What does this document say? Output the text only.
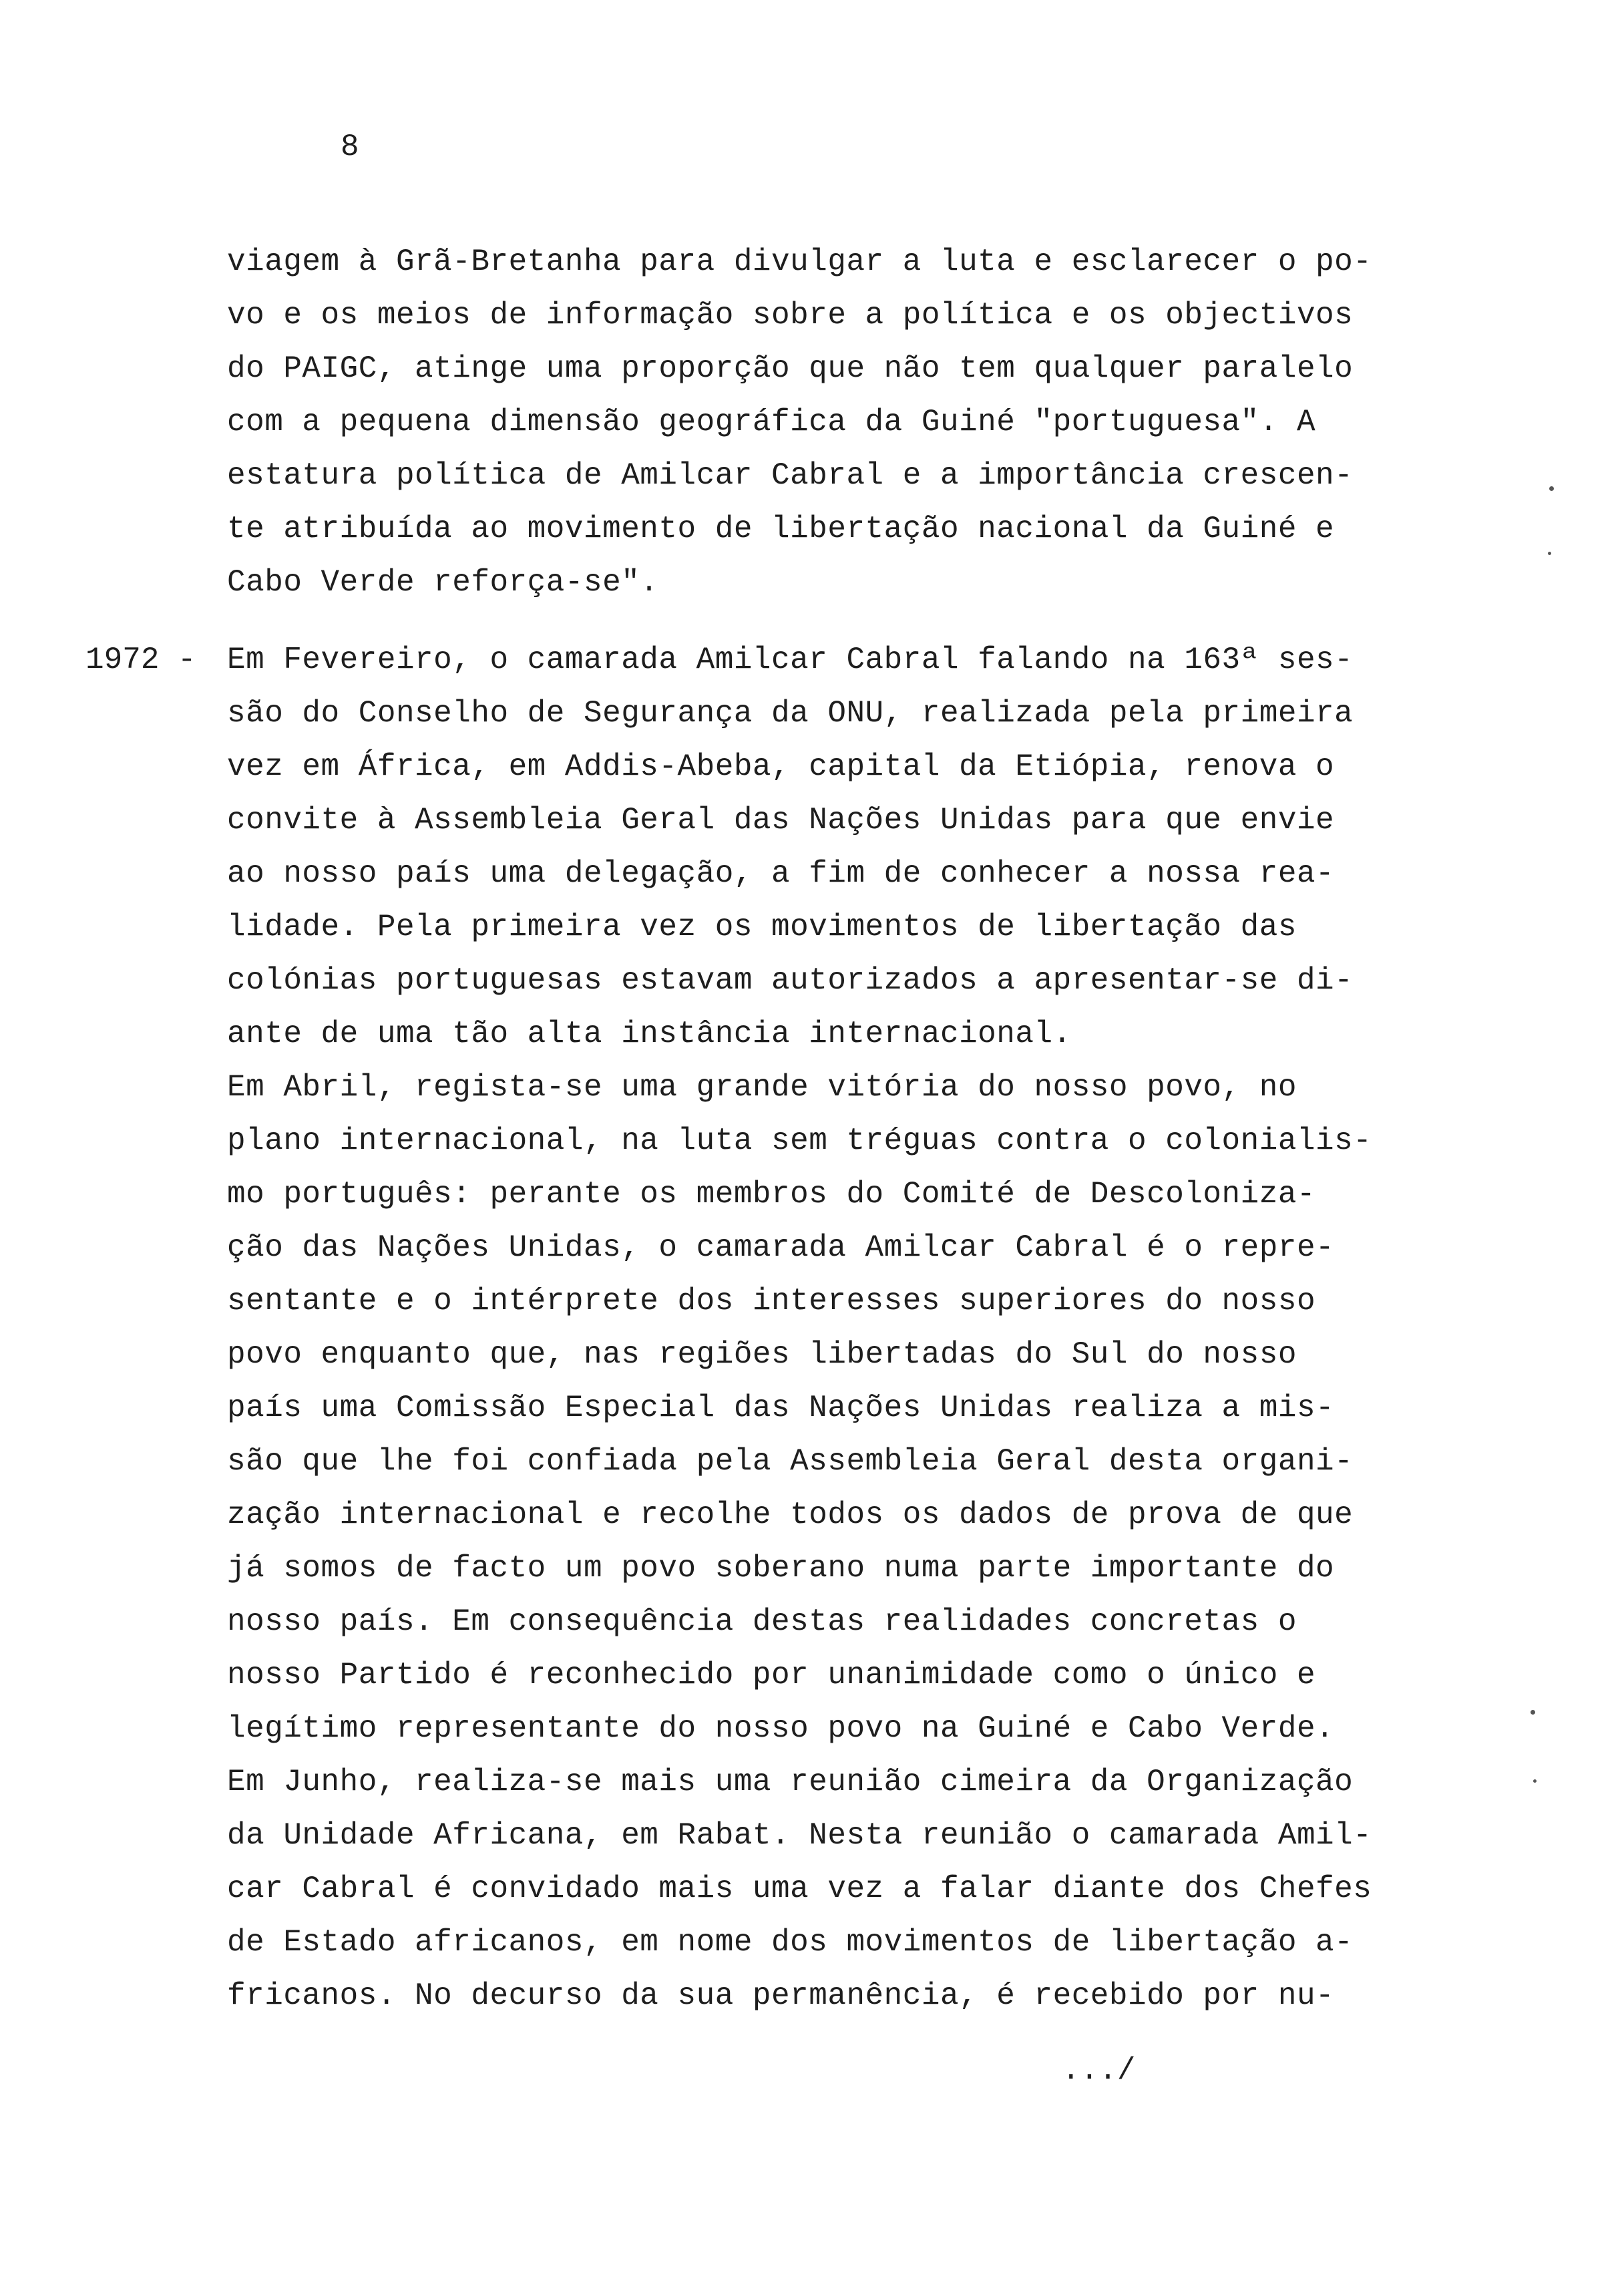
8
viagem à Grã-Bretanha para divulgar a luta e esclarecer o po-
vo e os meios de informação sobre a política e os objectivos
do PAIGC, atinge uma proporção que não tem qualquer paralelo
com a pequena dimensão geográfica da Guiné "portuguesa". A
estatura política de Amilcar Cabral e a importância crescen-
te atribuída ao movimento de libertação nacional da Guiné e
Cabo Verde reforça-se".
1972 - Em Fevereiro, o camarada Amilcar Cabral falando na 163ª ses-
são do Conselho de Segurança da ONU, realizada pela primeira
vez em África, em Addis-Abeba, capital da Etiópia, renova o
convite à Assembleia Geral das Nações Unidas para que envie
ao nosso país uma delegação, a fim de conhecer a nossa rea-
lidade. Pela primeira vez os movimentos de libertação das
colónias portuguesas estavam autorizados a apresentar-se di-
ante de uma tão alta instância internacional.
Em Abril, regista-se uma grande vitória do nosso povo, no
plano internacional, na luta sem tréguas contra o colonialis-
mo português: perante os membros do Comité de Descoloniza-
ção das Nações Unidas, o camarada Amilcar Cabral é o repre-
sentante e o intérprete dos interesses superiores do nosso
povo enquanto que, nas regiões libertadas do Sul do nosso
país uma Comissão Especial das Nações Unidas realiza a mis-
são que lhe foi confiada pela Assembleia Geral desta organi-
zação internacional e recolhe todos os dados de prova de que
já somos de facto um povo soberano numa parte importante do
nosso país. Em consequência destas realidades concretas o
nosso Partido é reconhecido por unanimidade como o único e
legítimo representante do nosso povo na Guiné e Cabo Verde.
Em Junho, realiza-se mais uma reunião cimeira da Organização
da Unidade Africana, em Rabat. Nesta reunião o camarada Amil-
car Cabral é convidado mais uma vez a falar diante dos Chefes
de Estado africanos, em nome dos movimentos de libertação a-
fricanos. No decurso da sua permanência, é recebido por nu-
.../
